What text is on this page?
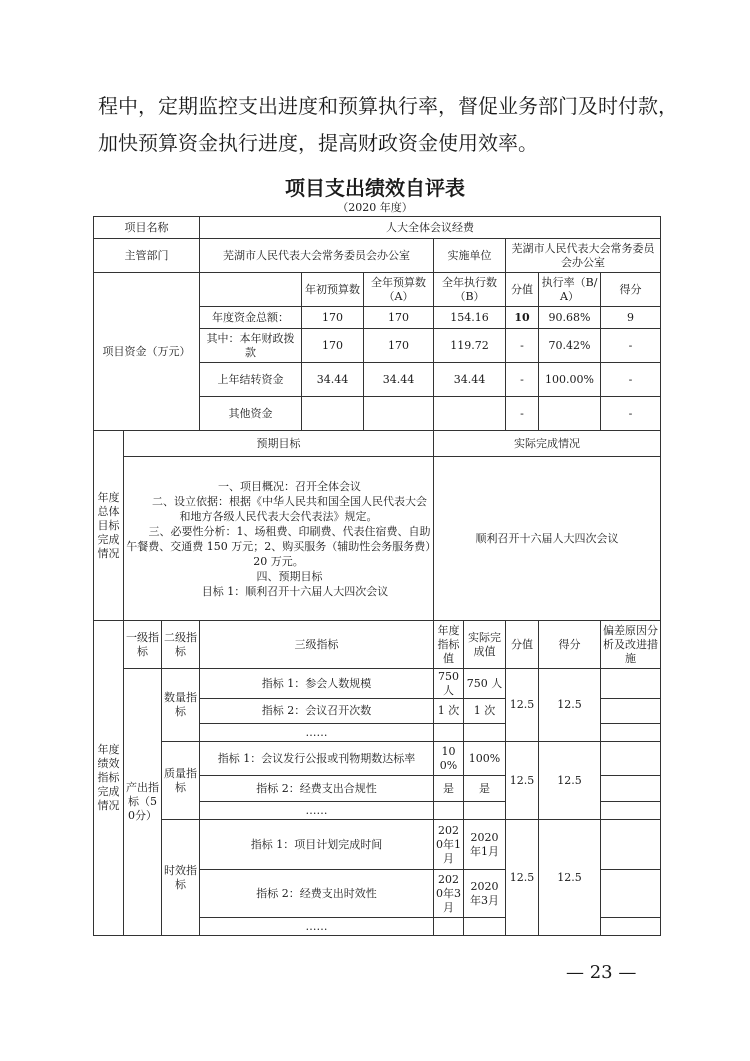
程中，定期监控支出进度和预算执行率，督促业务部门及时付款，

加快预算资金执行进度，提高财政资金使用效率。

项目支出绩效自评表
（2020 年度）
项目名称			人大全体会议经费							
主管部门			芜湖市人民代表大会常务委员会办公室			实施单位		芜湖市人民代表大会常务委员会办公室		
项目资金（万元）				年初预算数	全年预算数（A）	全年执行数（B）		分值	执行率（B/A）	得分
			年度资金总额：	170	170	154.16		10	90.68%	9
			其中：本年财政拨款	170	170	119.72		-	70.42%	-
			上年结转资金	34.44	34.44	34.44		-	100.00%	-
			其他资金					-		-
年度总体目标完成情况	预期目标					实际完成情况				

	一、项目概况：召开全体会议

二、设立依据：根据《中华人民共和国全国人民代表大会和地方各级人民代表大会代表法》规定。

三、必要性分析：1、场租费、印刷费、代表住宿费、自助午餐费、交通费 150 万元；2、购买服务（辅助性会务服务费）20 万元。

四、预期目标

目标 1：顺利召开十六届人大四次会议					顺利召开十六届人大四次会议				
年度绩效指标完成情况	一级指标	二级指标	三级指标			年度指标值	实际完成值	分值	得分	偏差原因分析及改进措施
	产出指标（50分）	数量指标	指标 1：参会人数规模			750人	750 人	12.5	12.5	
			指标 2：会议召开次数			1 次	1 次			
			……							
		质量指标	指标 1：会议发行公报或刊物期数达标率			100%	100%	12.5	12.5	
			指标 2：经费支出合规性			是	是			
			……							
		时效指标	指标 1：项目计划完成时间			2020年1月	2020年1月	12.5	12.5	
			指标 2：经费支出时效性			2020年3月	2020年3月			
			……							
— 23 —
